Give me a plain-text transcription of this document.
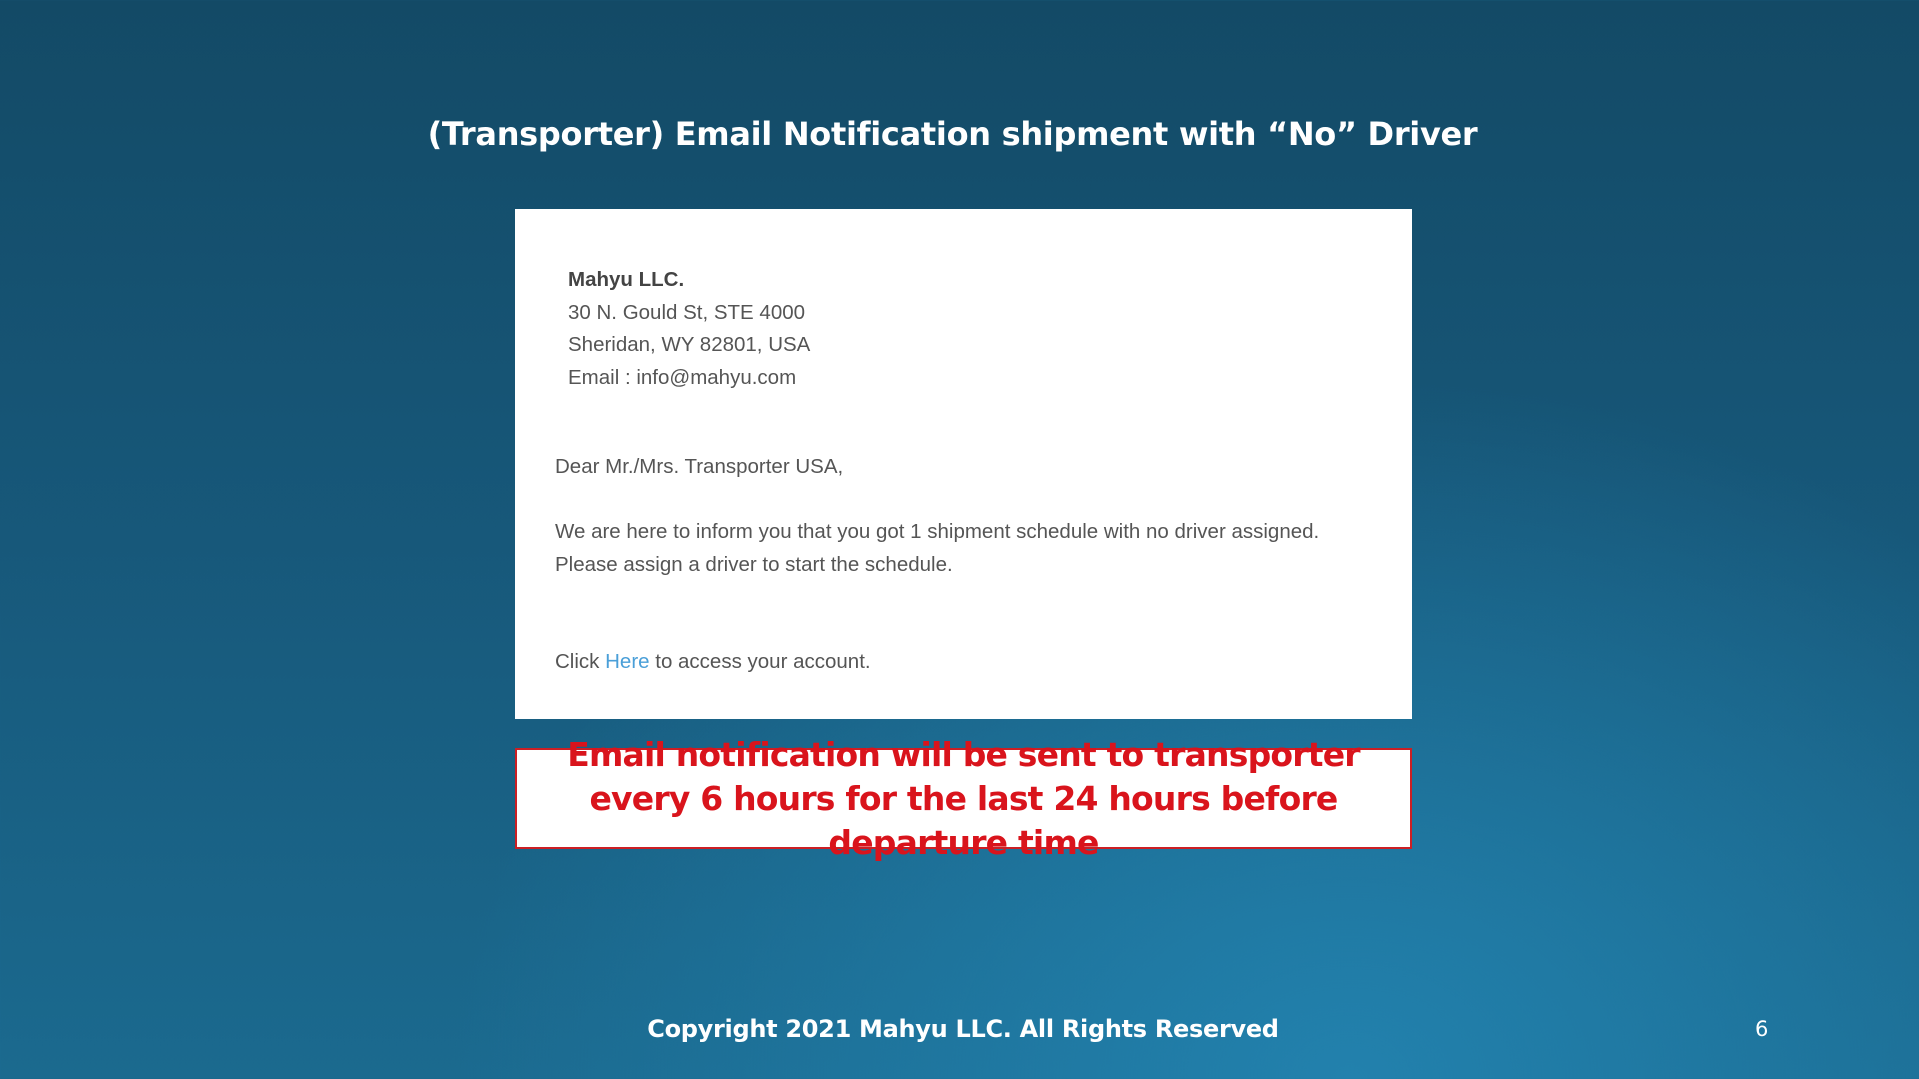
(Transporter) Email Notification shipment with “No” Driver
Mahyu LLC.
30 N. Gould St, STE 4000
Sheridan, WY 82801, USA
Email : info@mahyu.com
Dear Mr./Mrs. Transporter USA,
We are here to inform you that you got 1 shipment schedule with no driver assigned.
Please assign a driver to start the schedule.
Click Here to access your account.
Email notification will be sent to transporter every 6 hours for the last 24 hours before departure time
Copyright 2021 Mahyu LLC. All Rights Reserved	6
